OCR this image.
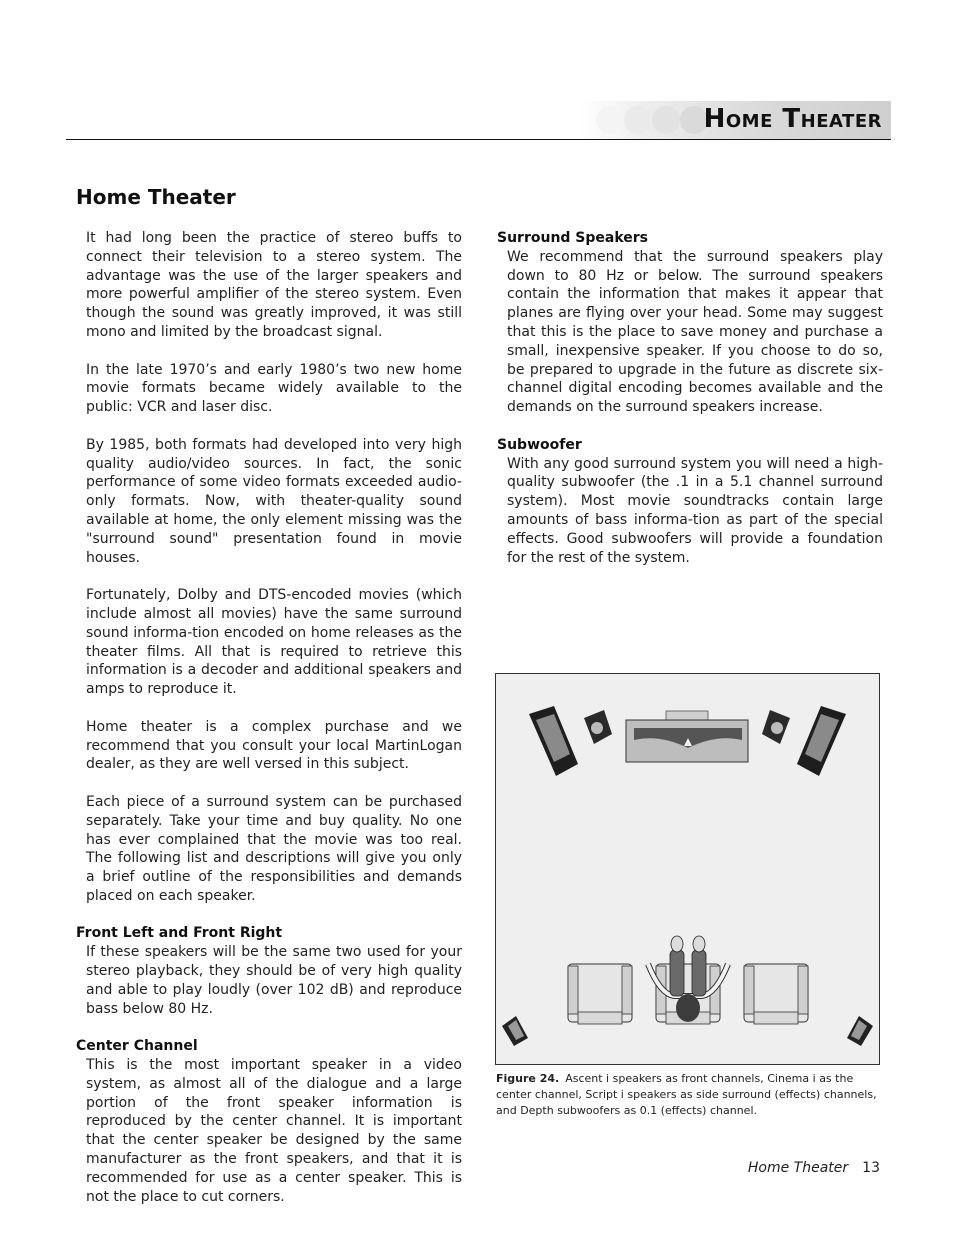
Home Theater
Home Theater

It had long been the practice of stereo buffs to connect their television to a stereo system. The advantage was the use of the larger speakers and more powerful amplifier of the stereo system. Even though the sound was greatly improved, it was still mono and limited by the broadcast signal.

In the late 1970’s and early 1980’s two new home movie formats became widely available to the public: VCR and laser disc.

By 1985, both formats had developed into very high quality audio/video sources. In fact, the sonic performance of some video formats exceeded audio-only formats. Now, with theater-quality sound available at home, the only element missing was the "surround sound" presentation found in movie houses.

Fortunately, Dolby and DTS-encoded movies (which include almost all movies) have the same surround sound informa-tion encoded on home releases as the theater films. All that is required to retrieve this information is a decoder and additional speakers and amps to reproduce it.

Home theater is a complex purchase and we recommend that you consult your local MartinLogan dealer, as they are well versed in this subject.

Each piece of a surround system can be purchased separately. Take your time and buy quality. No one has ever complained that the movie was too real. The following list and descriptions will give you only a brief outline of the responsibilities and demands placed on each speaker.

Front Left and Front Right

If these speakers will be the same two used for your stereo playback, they should be of very high quality and able to play loudly (over 102 dB) and reproduce bass below 80 Hz.

Center Channel

This is the most important speaker in a video system, as almost all of the dialogue and a large portion of the front speaker information is reproduced by the center channel. It is important that the center speaker be designed by the same manufacturer as the front speakers, and that it is recommended for use as a center speaker. This is not the place to cut corners.

Surround Speakers

We recommend that the surround speakers play down to 80 Hz or below. The surround speakers contain the information that makes it appear that planes are flying over your head. Some may suggest that this is the place to save money and purchase a small, inexpensive speaker. If you choose to do so, be prepared to upgrade in the future as discrete six-channel digital encoding becomes available and the demands on the surround speakers increase.

Subwoofer

With any good surround system you will need a high-quality subwoofer (the .1 in a 5.1 channel surround system). Most movie soundtracks contain large amounts of bass informa-tion as part of the special effects. Good subwoofers will provide a foundation for the rest of the system.

Figure 24. Ascent i speakers as front channels, Cinema i as the center channel, Script i speakers as side surround (effects) channels, and Depth subwoofers as 0.1 (effects) channel.

Home Theater 13
